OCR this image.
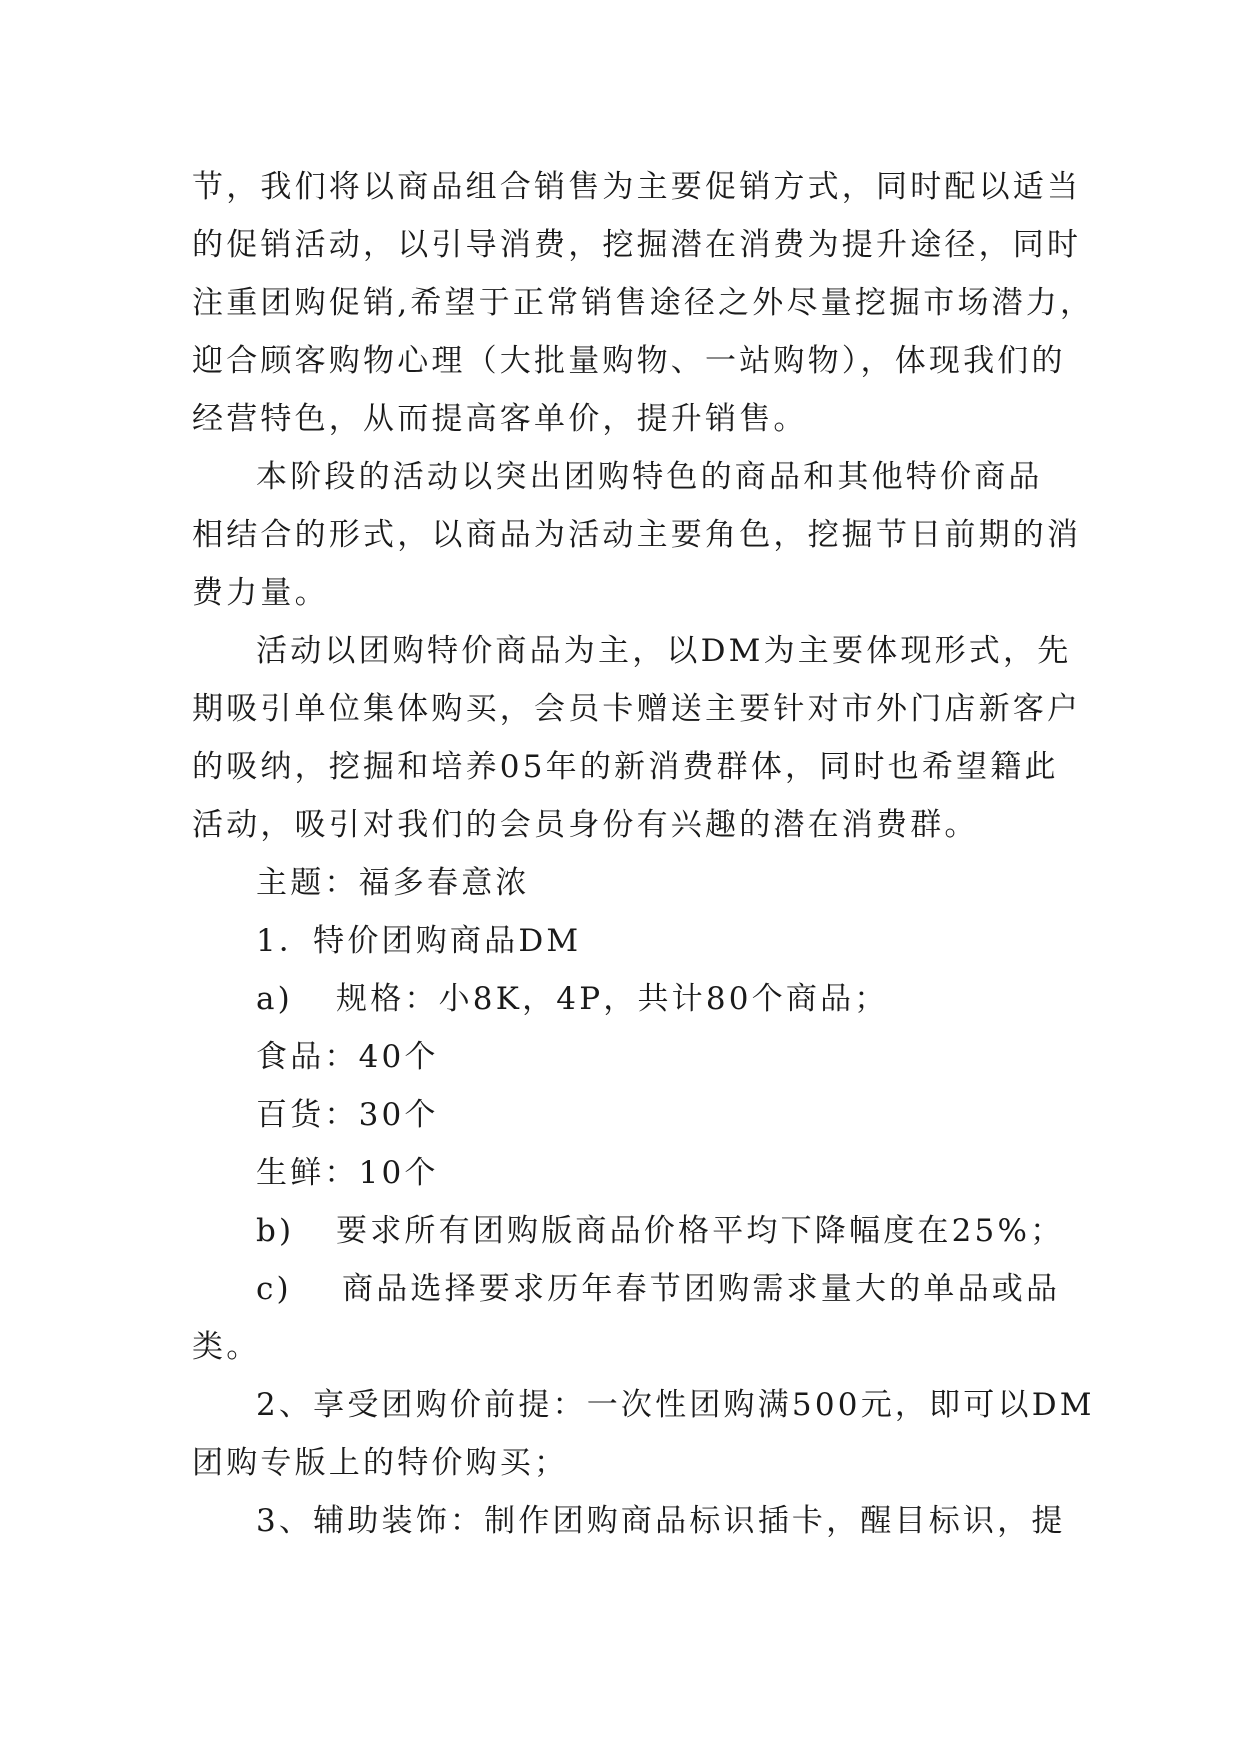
节，我们将以商品组合销售为主要促销方式，同时配以适当

的促销活动，以引导消费，挖掘潜在消费为提升途径，同时

注重团购促销,希望于正常销售途径之外尽量挖掘市场潜力，

迎合顾客购物心理（大批量购物、一站购物），体现我们的

经营特色，从而提高客单价，提升销售。

本阶段的活动以突出团购特色的商品和其他特价商品

相结合的形式，以商品为活动主要角色，挖掘节日前期的消

费力量。

活动以团购特价商品为主，以DM为主要体现形式，先

期吸引单位集体购买，会员卡赠送主要针对市外门店新客户

的吸纳，挖掘和培养05年的新消费群体，同时也希望籍此

活动，吸引对我们的会员身份有兴趣的潜在消费群。

主题：福多春意浓

1．特价团购商品DM

a) 规格：小8K，4P，共计80个商品；

食品：40个

百货：30个

生鲜：10个

b) 要求所有团购版商品价格平均下降幅度在25%；

c) 商品选择要求历年春节团购需求量大的单品或品

类。

2、享受团购价前提：一次性团购满500元，即可以DM

团购专版上的特价购买；

3、辅助装饰：制作团购商品标识插卡，醒目标识，提
